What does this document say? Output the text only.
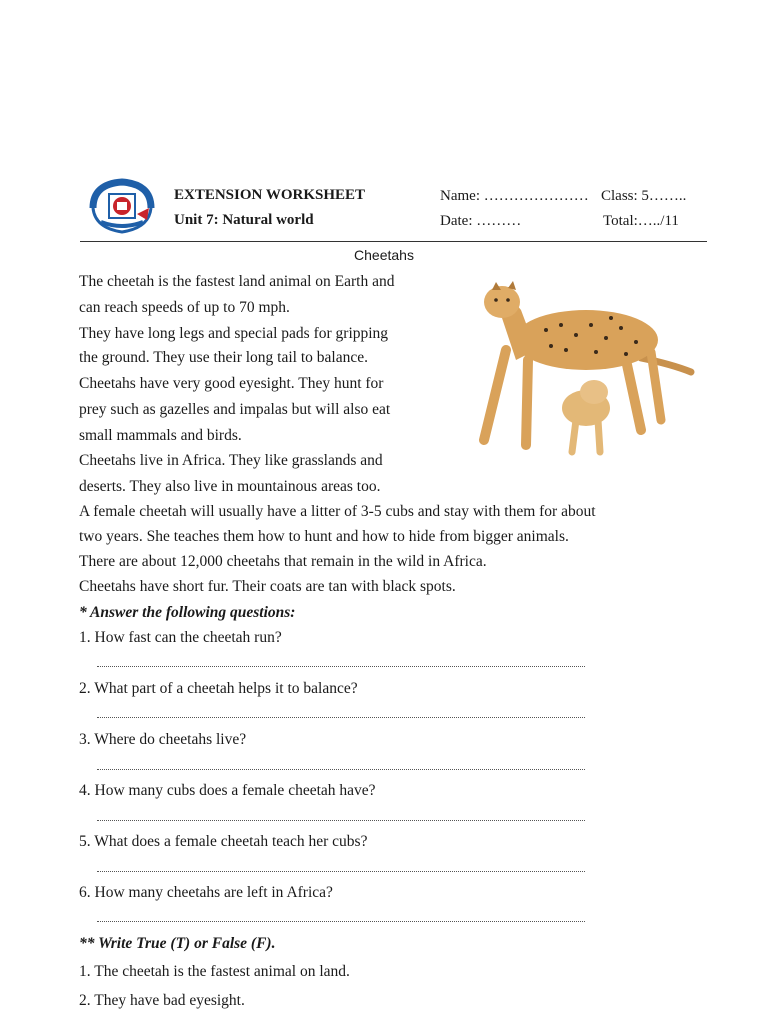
EXTENSION WORKSHEET
Unit 7: Natural world
Name: ………………… Class: 5……..
Date: ………	Total:…../11
Cheetahs
The cheetah is the fastest land animal on Earth and
can reach speeds of up to 70 mph.
They have long legs and special pads for gripping
the ground. They use their long tail to balance.
Cheetahs have very good eyesight. They hunt for
prey such as gazelles and impalas but will also eat
small mammals and birds.
Cheetahs live in Africa. They like grasslands and
deserts. They also live in mountainous areas too.
A female cheetah will usually have a litter of 3-5 cubs and stay with them for about
two years. She teaches them how to hunt and how to hide from bigger animals.
There are about 12,000 cheetahs that remain in the wild in Africa.
Cheetahs have short fur. Their coats are tan with black spots.
* Answer the following questions:
1. How fast can the cheetah run?
2. What part of a cheetah helps it to balance?
3. Where do cheetahs live?
4. How many cubs does a female cheetah have?
5. What does a female cheetah teach her cubs?
6. How many cheetahs are left in Africa?
** Write True (T) or False (F).
1. The cheetah is the fastest animal on land.
2. They have bad eyesight.
